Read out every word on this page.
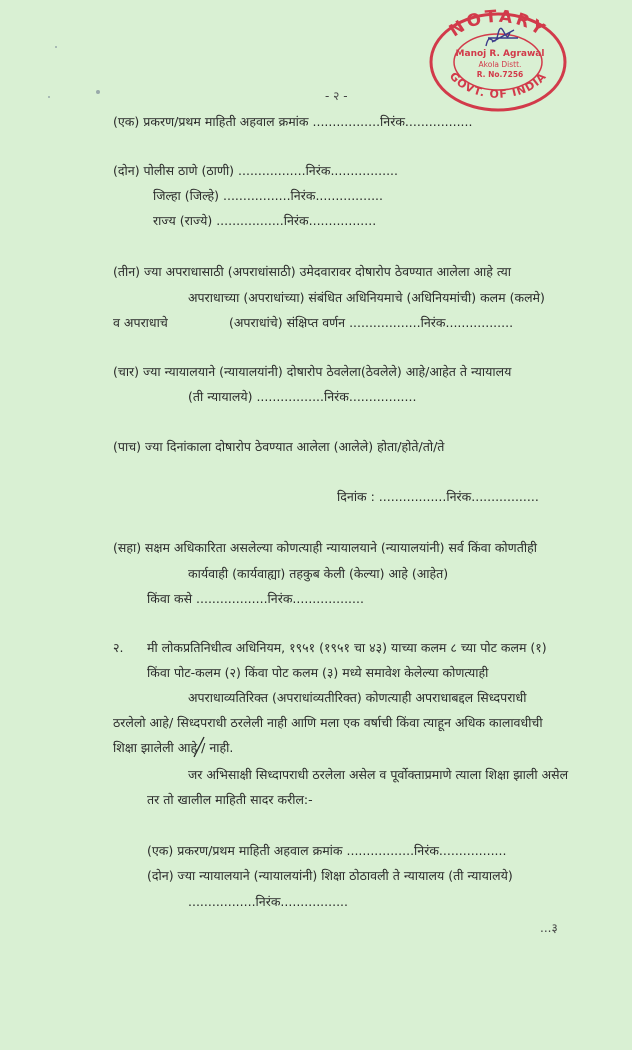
NOTARY
GOVT. OF INDIA
Manoj R. Agrawal
Akola Distt.
R. No.7256
- २ -
(एक) प्रकरण/प्रथम माहिती अहवाल क्रमांक .................निरंक.................
(दोन) पोलीस ठाणे (ठाणी) .................निरंक.................
जिल्हा (जिल्हे) .................निरंक.................
राज्य (राज्ये) .................निरंक.................
(तीन) ज्या अपराधासाठी (अपराधांसाठी) उमेदवारावर दोषारोप ठेवण्यात आलेला आहे त्या
अपराधाच्या (अपराधांच्या) संबंधित अधिनियमाचे (अधिनियमांची) कलम (कलमे)
व अपराधाचे	(अपराधांचे) संक्षिप्त वर्णन ..................निरंक.................
(चार) ज्या न्यायालयाने (न्यायालयांनी) दोषारोप ठेवलेला(ठेवलेले) आहे/आहेत ते न्यायालय
(ती न्यायालये) .................निरंक.................
(पाच) ज्या दिनांकाला दोषारोप ठेवण्यात आलेला (आलेले) होता/होते/तो/ते
दिनांक : .................निरंक.................
(सहा) सक्षम अधिकारिता असलेल्या कोणत्याही न्यायालयाने (न्यायालयांनी) सर्व किंवा कोणतीही
कार्यवाही (कार्यवाह्या) तहकुब केली (केल्या) आहे (आहेत)
किंवा कसे ..................निरंक..................
२. मी लोकप्रतिनिधीत्व अधिनियम, १९५१ (१९५१ चा ४३) याच्या कलम ८ च्या पोट कलम (१)
किंवा पोट-कलम (२) किंवा पोट कलम (३) मध्ये समावेश केलेल्या कोणत्याही
अपराधाव्यतिरिक्त (अपराधांव्यतीरिक्त) कोणत्याही अपराधाबद्दल सिध्दपराधी
ठरलेलो आहे/ सिध्दपराधी ठरलेली नाही आणि मला एक वर्षाची किंवा त्याहून अधिक कालावधीची
शिक्षा झालेली आहे / नाही.
जर अभिसाक्षी सिध्दापराधी ठरलेला असेल व पूर्वोक्ताप्रमाणे त्याला शिक्षा झाली असेल
तर तो खालील माहिती सादर करील:-
(एक) प्रकरण/प्रथम माहिती अहवाल क्रमांक .................निरंक.................
(दोन) ज्या न्यायालयाने (न्यायालयांनी) शिक्षा ठोठावली ते न्यायालय (ती न्यायालये)
.................निरंक.................
...३
